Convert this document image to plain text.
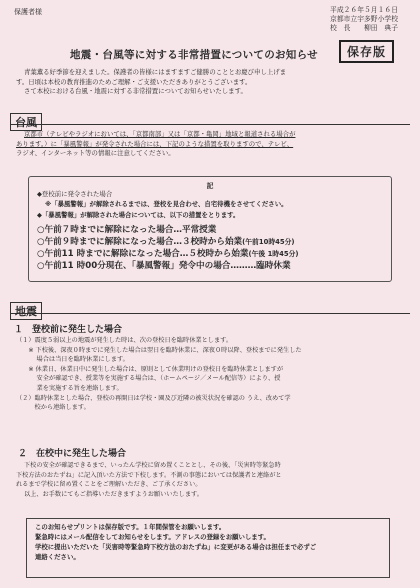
保護者様	平成２６年５月１６日
京都市立宇多野小学校
校　長　　柳田　典子
地震・台風等に対する非常措置についてのお知らせ	保存版
青葉薫る好季節を迎えました。保護者の皆様にはますますご健勝のこととお慶び申し上げま
す。日頃は本校の教育推進のためご理解・ご支援いただきありがとうございます。
さて本校における台風・地震に対する非常措置についてお知らせいたします。
台風
京都市（テレビやラジオにおいては、「京都南部」又は「京都・亀岡」地域と報道される場合が
あります。）に「暴風警報」が発令された場合には、下記のような措置を取りますので、テレビ、
ラジオ、インターネット等の情報に注意してください。
記
◆登校前に発令された場合
※「暴風警報」が解除されるまでは、登校を見合わせ、自宅待機をさせてください。
◆「暴風警報」が解除された場合については、以下の措置をとります。
○午前７時までに解除になった場合…平常授業
○午前９時までに解除になった場合…３校時から始業(午前10時45分)
○午前11 時までに解除になった場合…５校時から始業(午後 1時45分)
○午前11 時00分現在、「暴風警報」発令中の場合………臨時休業
地震
１　登校前に発生した場合

（１）震度５弱以上の地震が発生した時は、次の登校日を臨時休業とします。

　　※ 下校後、深夜０時までに発生した場合は翌日を臨時休業に、深夜０時以降、登校までに発生した

　　　 場合は当日を臨時休業にします。

　　※ 休業日、休業日中に発生した場合は、原則として休業明けの登校日を臨時休業としますが

　　　 安全が確認でき、授業等を実施する場合は、（ホームページ／メール配信等）により、授

　　　 業を実施する旨を連絡します。

（２）臨時休業とした場合、登校の再開日は学校・園及び近隣の被災状況を確認の うえ、改めて学

　　　校から連絡します。

２　在校中に発生した場合

下校の安全が確認できるまで、いったん学校に留め置くこととし、その後、「災害時等緊急時

下校方法のおたずね」に記入頂いた方法で下校します。不測の事態においては保護者と連絡がと

れるまで学校に留め置くことをご理解いただき、ご了承ください。

以上、お手数にてもご指導いただきますようお願いいたします。

このお知らせプリントは保存版です。１年間保管をお願いします。
緊急時にはメール配信をしてお知らせをします。アドレスの登録をお願いします。
学校に提出いただいた「災害時等緊急時下校方法のおたずね」に変更がある場合は担任まで必ずご
連絡ください。
